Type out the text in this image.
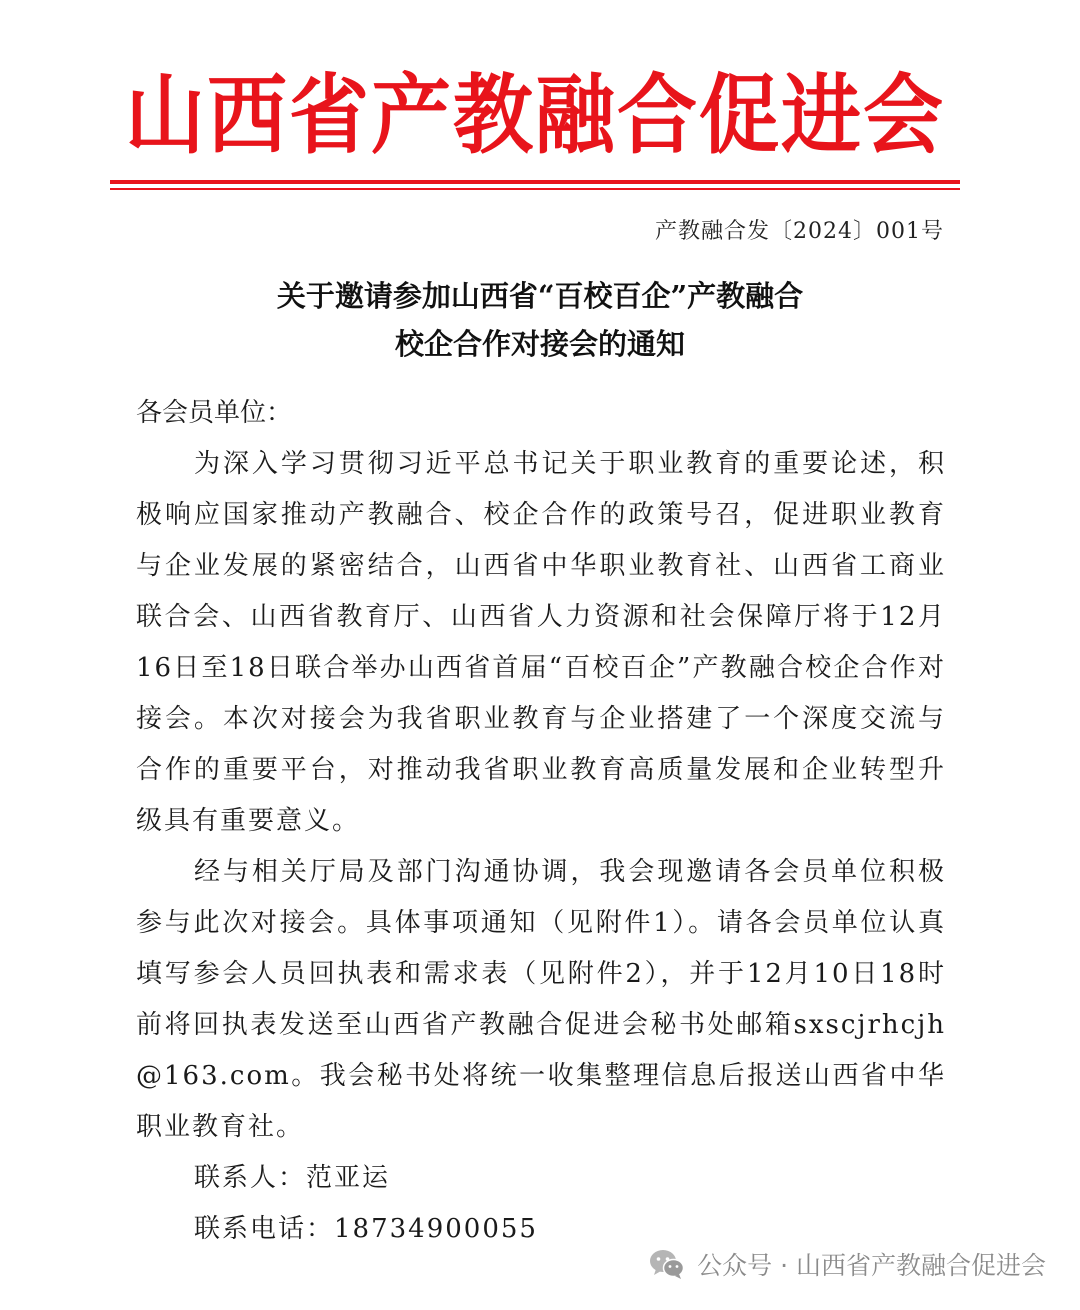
山西省产教融合促进会
产教融合发〔2024〕001号
关于邀请参加山西省“百校百企”产教融合
校企合作对接会的通知

各会员单位：

为深入学习贯彻习近平总书记关于职业教育的重要论述，积极响应国家推动产教融合、校企合作的政策号召，促进职业教育与企业发展的紧密结合，山西省中华职业教育社、山西省工商业联合会、山西省教育厅、山西省人力资源和社会保障厅将于12月16日至18日联合举办山西省首届“百校百企”产教融合校企合作对接会。本次对接会为我省职业教育与企业搭建了一个深度交流与合作的重要平台，对推动我省职业教育高质量发展和企业转型升级具有重要意义。

经与相关厅局及部门沟通协调，我会现邀请各会员单位积极参与此次对接会。具体事项通知（见附件1）。请各会员单位认真填写参会人员回执表和需求表（见附件2），并于12月10日18时前将回执表发送至山西省产教融合促进会秘书处邮箱sxscjrhcjh@163.com。我会秘书处将统一收集整理信息后报送山西省中华职业教育社。

联系人：范亚运

联系电话：18734900055

公众号 · 山西省产教融合促进会
